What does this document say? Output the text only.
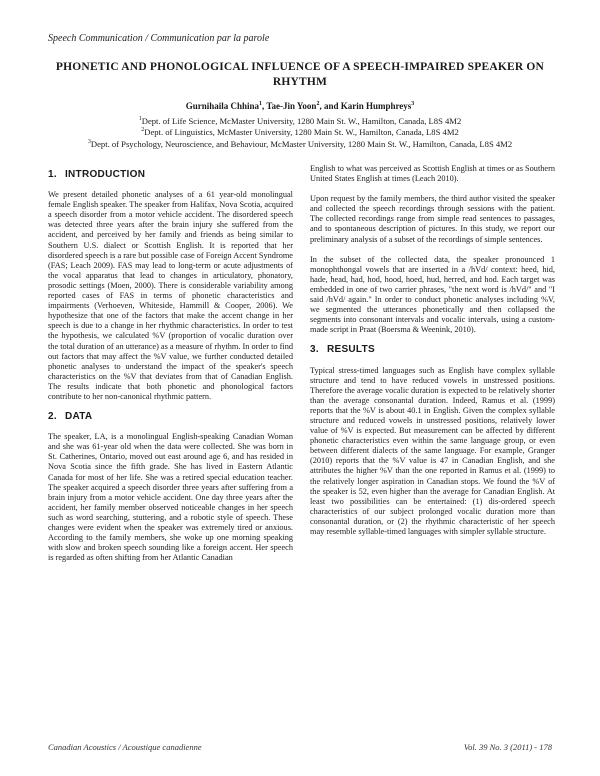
Speech Communication / Communication par la parole
PHONETIC AND PHONOLOGICAL INFLUENCE OF A SPEECH-IMPAIRED SPEAKER ON
RHYTHM
Gurnihaila Chhina$^1$, Tae-Jin Yoon$^2$, and Karin Humphreys$^3$
$^1$Dept. of Life Science, McMaster University, 1280 Main St. W., Hamilton, Canada, L8S 4M2
$^2$Dept. of Linguistics, McMaster University, 1280 Main St. W., Hamilton, Canada, L8S 4M2
$^3$Dept. of Psychology, Neuroscience, and Behaviour, McMaster University, 1280 Main St. W., Hamilton, Canada, L8S 4M2
1. INTRODUCTION

We present detailed phonetic analyses of a 61 year-old monolingual female English speaker. The speaker from Halifax, Nova Scotia, acquired a speech disorder from a motor vehicle accident. The disordered speech was detected three years after the brain injury she suffered from the accident, and perceived by her family and friends as being similar to Southern U.S. dialect or Scottish English. It is reported that her disordered speech is a rare but possible case of Foreign Accent Syndrome (FAS; Leach 2009). FAS may lead to long-term or acute adjustments of the vocal apparatus that lead to changes in articulatory, phonatory, prosodic settings (Moen, 2000). There is considerable variability among reported cases of FAS in terms of phonetic characteristics and impairments (Verhoeven, Whiteside, Hammill & Cooper, 2006). We hypothesize that one of the factors that make the accent change in her speech is due to a change in her rhythmic characteristics. In order to test the hypothesis, we calculated %V (proportion of vocalic duration over the total duration of an utterance) as a measure of rhythm. In order to find out factors that may affect the %V value, we further conducted detailed phonetic analyses to understand the impact of the speaker's speech characteristics on the %V that deviates from that of Canadian English. The results indicate that both phonetic and phonological factors contribute to her non-canonical rhythmic pattern.

2. DATA

The speaker, LA, is a monolingual English-speaking Canadian Woman and she was 61-year old when the data were collected. She was born in St. Catherines, Ontario, moved out east around age 6, and has resided in Nova Scotia since the fifth grade. She has lived in Eastern Atlantic Canada for most of her life. She was a retired special education teacher. The speaker acquired a speech disorder three years after suffering from a brain injury from a motor vehicle accident. One day three years after the accident, her family member observed noticeable changes in her speech such as word searching, stuttering, and a robotic style of speech. These changes were evident when the speaker was extremely tired or anxious. According to the family members, she woke up one morning speaking with slow and broken speech sounding like a foreign accent. Her speech is regarded as often shifting from her Atlantic Canadian

English to what was perceived as Scottish English at times or as Southern United States English at times (Leach 2010).

Upon request by the family members, the third author visited the speaker and collected the speech recordings through sessions with the patient. The collected recordings range from simple read sentences to passages, and to spontaneous description of pictures. In this study, we report our preliminary analysis of a subset of the recordings of simple sentences.

In the subset of the collected data, the speaker pronounced 1 monophthongal vowels that are inserted in a /hVd/ context: heed, hid, hade, head, had, hod, hood, hoed, hud, herred, and hod. Each target was embedded in one of two carrier phrases, "the next word is /hVd/" and "I said /hVd/ again." In order to conduct phonetic analyses including %V, we segmented the utterances phonetically and then collapsed the segments into consonant intervals and vocalic intervals, using a custom-made script in Praat (Boersma & Weenink, 2010).

3. RESULTS

Typical stress-timed languages such as English have complex syllable structure and tend to have reduced vowels in unstressed positions. Therefore the average vocalic duration is expected to be relatively shorter than the average consonantal duration. Indeed, Ramus et al. (1999) reports that the %V is about 40.1 in English. Given the complex syllable structure and reduced vowels in unstressed positions, relatively lower value of %V is expected. But measurement can be affected by different phonetic characteristics even within the same language group, or even between different dialects of the same language. For example, Granger (2010) reports that the %V value is 47 in Canadian English, and she attributes the higher %V than the one reported in Ramus et al. (1999) to the relatively longer aspiration in Canadian stops. We found the %V of the speaker is 52, even higher than the average for Canadian English. At least two possibilities can be entertained: (1) dis-ordered speech characteristics of our subject prolonged vocalic duration more than consonantal duration, or (2) the rhythmic characteristic of her speech may resemble syllable-timed languages with simpler syllable structure.

Canadian Acoustics / Acoustique canadienne	Vol. 39 No. 3 (2011) - 178
